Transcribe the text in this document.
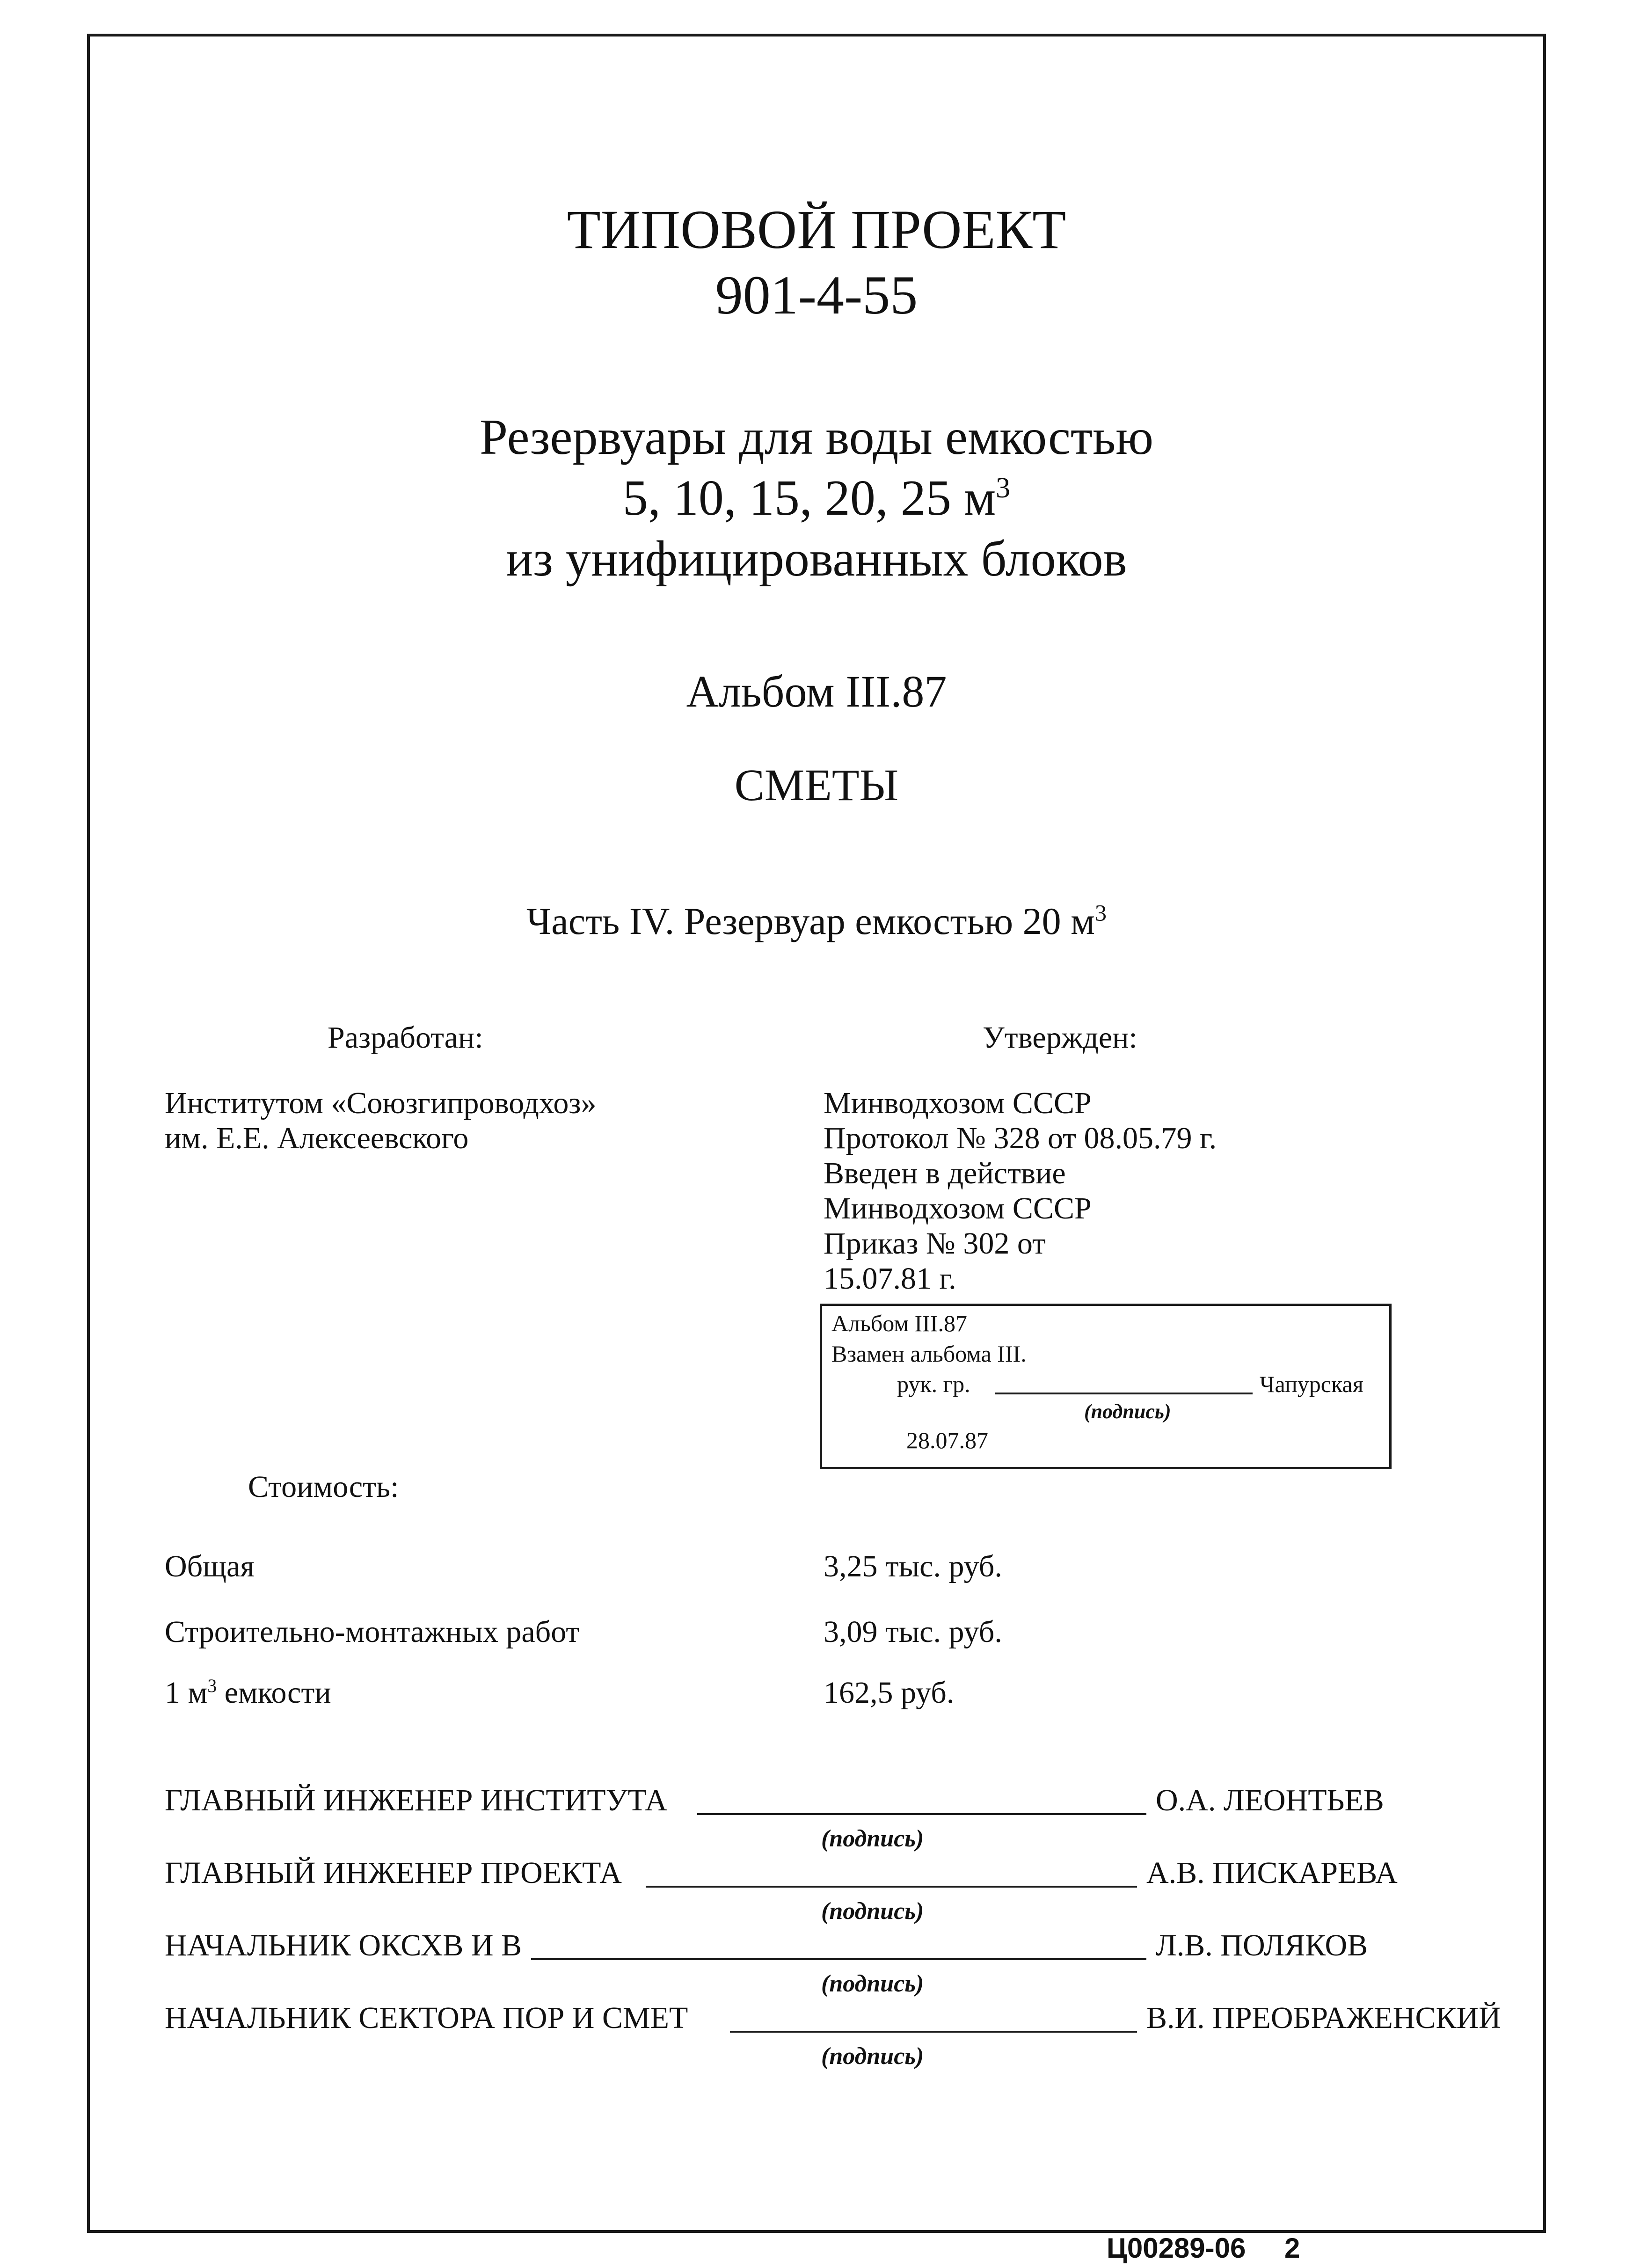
ТИПОВОЙ ПРОЕКТ
901-4-55
Резервуары для воды емкостью
5, 10, 15, 20, 25 $м^3$
из унифицированных блоков
Альбом III.87
СМЕТЫ
Часть IV. Резервуар емкостью 20 $м^3$
Разработан:	Утвержден:
Институтом «Союзгипроводхоз»
им. Е.Е. Алексеевского
Минводхозом СССР
Протокол № 328 от 08.05.79 г.
Введен в действие
Минводхозом СССР
Приказ № 302 от
15.07.81 г.
Альбом III.87
Взамен альбома III.
рук. гр.	Чапурская
(подпись)
28.07.87
Стоимость:
Общая	3,25 тыс. руб.
Строительно-монтажных работ	3,09 тыс. руб.
1 $м^3$ емкости	162,5 руб.
ГЛАВНЫЙ ИНЖЕНЕР ИНСТИТУТА	О.А. ЛЕОНТЬЕВ
(подпись)
ГЛАВНЫЙ ИНЖЕНЕР ПРОЕКТА	А.В. ПИСКАРЕВА
(подпись)
НАЧАЛЬНИК ОКСХВ И В	Л.В. ПОЛЯКОВ
(подпись)
НАЧАЛЬНИК СЕКТОРА ПОР И СМЕТ	В.И. ПРЕОБРАЖЕНСКИЙ
(подпись)
Ц00289-06 2
